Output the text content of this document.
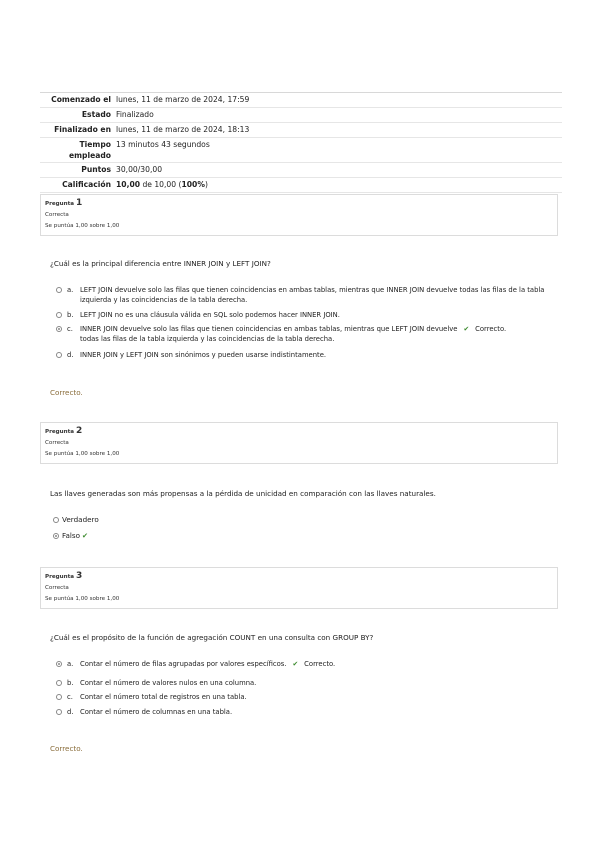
Comenzado el lunes, 11 de marzo de 2024, 17:59
Estado Finalizado
Finalizado en lunes, 11 de marzo de 2024, 18:13
Tiempo empleado
13 minutos 43 segundos
Puntos 30,00/30,00
Calificación 10,00 de 10,00 (100%)
Pregunta 1
Correcta
Se puntúa 1,00 sobre 1,00
¿Cuál es la principal diferencia entre INNER JOIN y LEFT JOIN?
a. LEFT JOIN devuelve solo las filas que tienen coincidencias en ambas tablas, mientras que INNER JOIN devuelve todas las filas de la tabla izquierda y las coincidencias de la tabla derecha.
b. LEFT JOIN no es una cláusula válida en SQL solo podemos hacer INNER JOIN.
c.	INNER JOIN devuelve solo las filas que tienen coincidencias en ambas tablas, mientras que LEFT JOIN devuelve ✔ Correcto.
todas las filas de la tabla izquierda y las coincidencias de la tabla derecha.
d. INNER JOIN y LEFT JOIN son sinónimos y pueden usarse indistintamente.
Correcto.
Pregunta 2
Correcta
Se puntúa 1,00 sobre 1,00
Las llaves generadas son más propensas a la pérdida de unicidad en comparación con las llaves naturales.
Verdadero
Falso ✔
Pregunta 3
Correcta
Se puntúa 1,00 sobre 1,00
¿Cuál es el propósito de la función de agregación COUNT en una consulta con GROUP BY?
a. Contar el número de filas agrupadas por valores específicos. ✔ Correcto.
b. Contar el número de valores nulos en una columna.
c.	Contar el número total de registros en una tabla.
d. Contar el número de columnas en una tabla.
Correcto.
